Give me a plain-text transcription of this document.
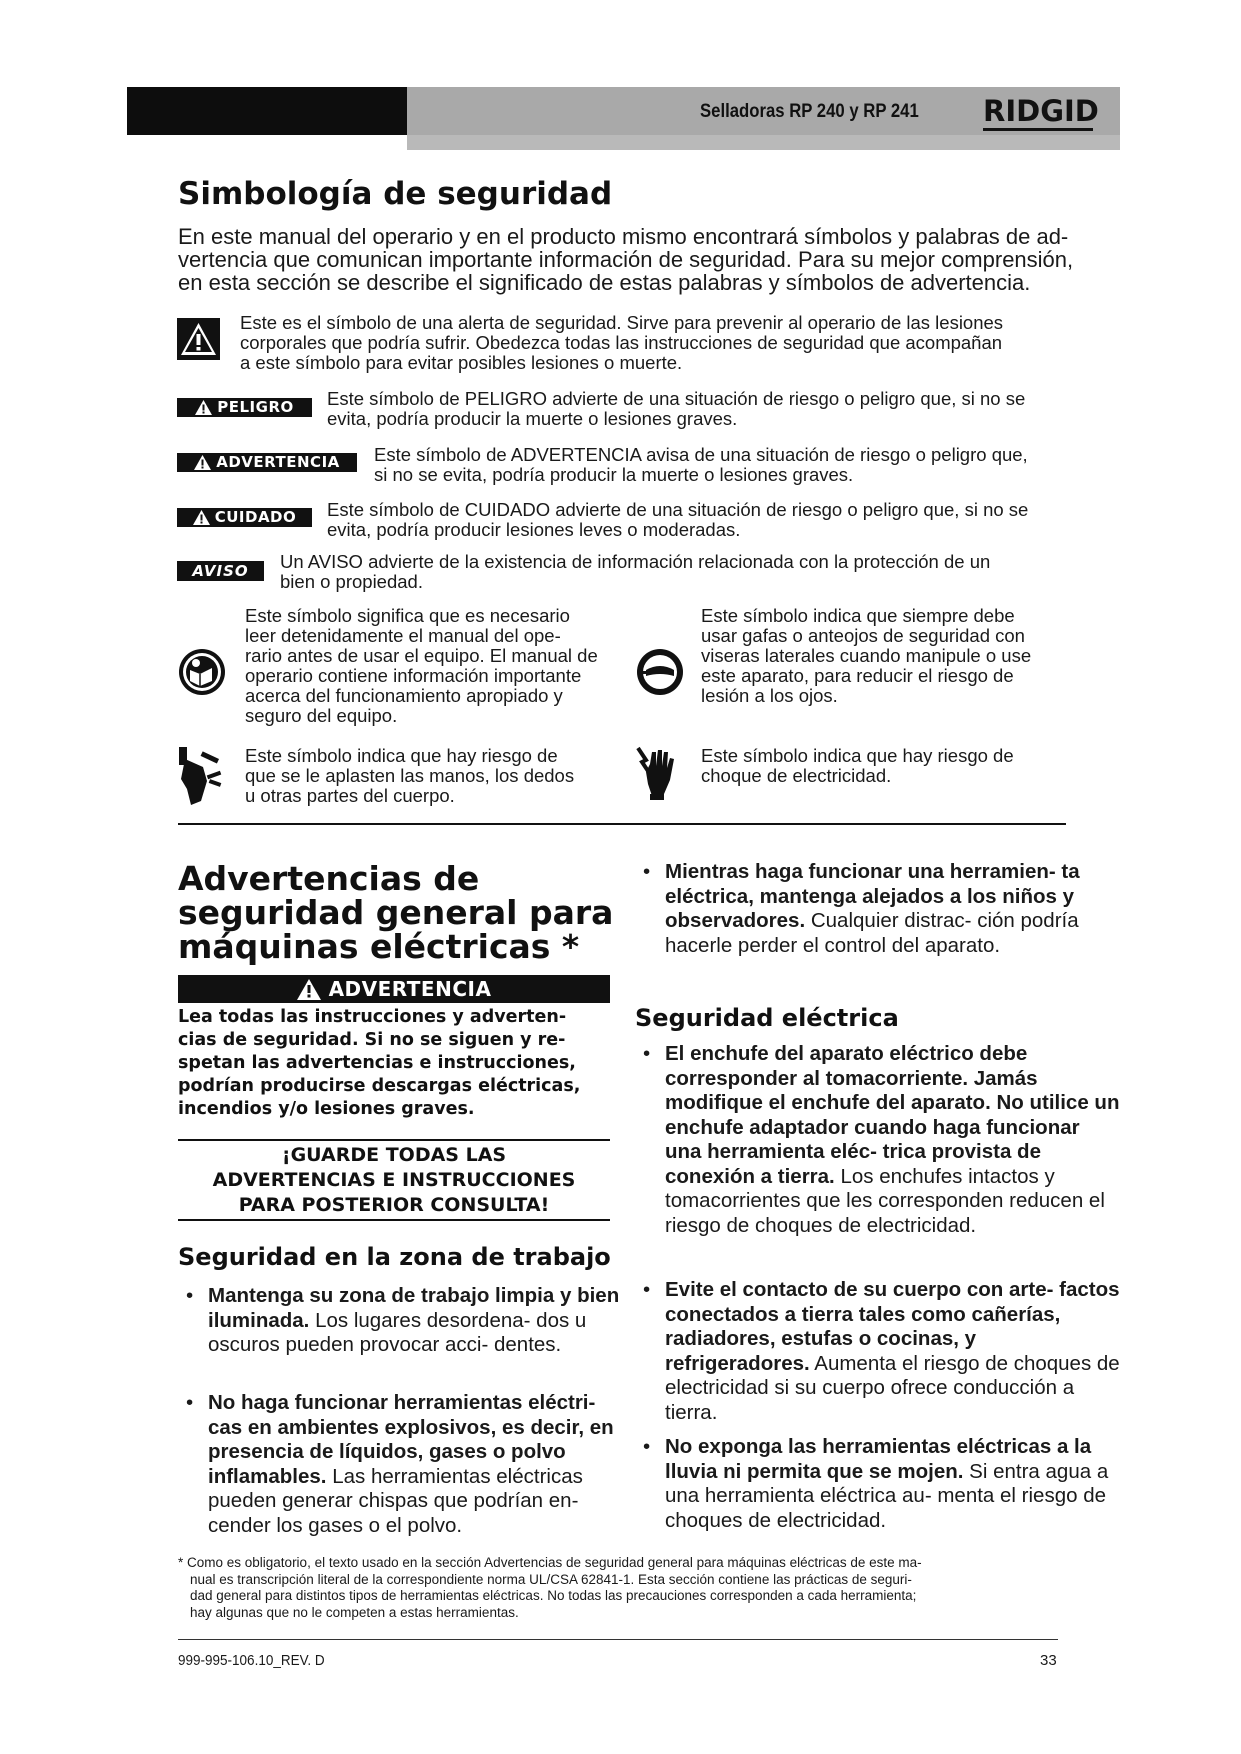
Selladoras RP 240 y RP 241 RIDGID
Simbología de seguridad
En este manual del operario y en el producto mismo encontrará símbolos y palabras de ad-
vertencia que comunican importante información de seguridad. Para su mejor comprensión,
en esta sección se describe el significado de estas palabras y símbolos de advertencia.
Este es el símbolo de una alerta de seguridad. Sirve para prevenir al operario de las lesiones
corporales que podría sufrir. Obedezca todas las instrucciones de seguridad que acompañan
a este símbolo para evitar posibles lesiones o muerte.
PELIGRO Este símbolo de PELIGRO advierte de una situación de riesgo o peligro que, si no se
evita, podría producir la muerte o lesiones graves.
ADVERTENCIA Este símbolo de ADVERTENCIA avisa de una situación de riesgo o peligro que,
si no se evita, podría producir la muerte o lesiones graves.
CUIDADO Este símbolo de CUIDADO advierte de una situación de riesgo o peligro que, si no se
evita, podría producir lesiones leves o moderadas.
AVISO	Un AVISO advierte de la existencia de información relacionada con la protección de un
bien o propiedad.
Este símbolo significa que es necesario
leer detenidamente el manual del ope-
rario antes de usar el equipo. El manual de
operario contiene información importante
acerca del funcionamiento apropiado y
seguro del equipo.
Este símbolo indica que siempre debe
usar gafas o anteojos de seguridad con
viseras laterales cuando manipule o use
este aparato, para reducir el riesgo de
lesión a los ojos.
Este símbolo indica que hay riesgo de
que se le aplasten las manos, los dedos
u otras partes del cuerpo.
Este símbolo indica que hay riesgo de
choque de electricidad.
Advertencias de
seguridad general para
máquinas eléctricas *
ADVERTENCIA
Lea todas las instrucciones y adverten-
cias de seguridad. Si no se siguen y re-
spetan las advertencias e instrucciones,
podrían producirse descargas eléctricas,
incendios y/o lesiones graves.
¡GUARDE TODAS LAS
ADVERTENCIAS E INSTRUCCIONES
PARA POSTERIOR CONSULTA!
Seguridad en la zona de trabajo
• Mantenga su zona de trabajo limpia y bien iluminada. Los lugares desordena- dos u oscuros pueden provocar acci- dentes.
• No haga funcionar herramientas eléctri- cas en ambientes explosivos, es decir, en presencia de líquidos, gases o polvo inflamables. Las herramientas eléctricas pueden generar chispas que podrían en- cender los gases o el polvo.
• Mientras haga funcionar una herramien- ta eléctrica, mantenga alejados a los niños y observadores. Cualquier distrac- ción podría hacerle perder el control del aparato.
Seguridad eléctrica
• El enchufe del aparato eléctrico debe corresponder al tomacorriente. Jamás modifique el enchufe del aparato. No utilice un enchufe adaptador cuando haga funcionar una herramienta eléc- trica provista de conexión a tierra. Los enchufes intactos y tomacorrientes que les corresponden reducen el riesgo de choques de electricidad.
• Evite el contacto de su cuerpo con arte- factos conectados a tierra tales como cañerías, radiadores, estufas o cocinas, y refrigeradores. Aumenta el riesgo de choques de electricidad si su cuerpo ofrece conducción a tierra.
• No exponga las herramientas eléctricas a la lluvia ni permita que se mojen. Si entra agua a una herramienta eléctrica au- menta el riesgo de choques de electricidad.
* Como es obligatorio, el texto usado en la sección Advertencias de seguridad general para máquinas eléctricas de este ma-
nual es transcripción literal de la correspondiente norma UL/CSA 62841-1. Esta sección contiene las prácticas de seguri-
dad general para distintos tipos de herramientas eléctricas. No todas las precauciones corresponden a cada herramienta;
hay algunas que no le competen a estas herramientas.
999-995-106.10_REV. D	33
